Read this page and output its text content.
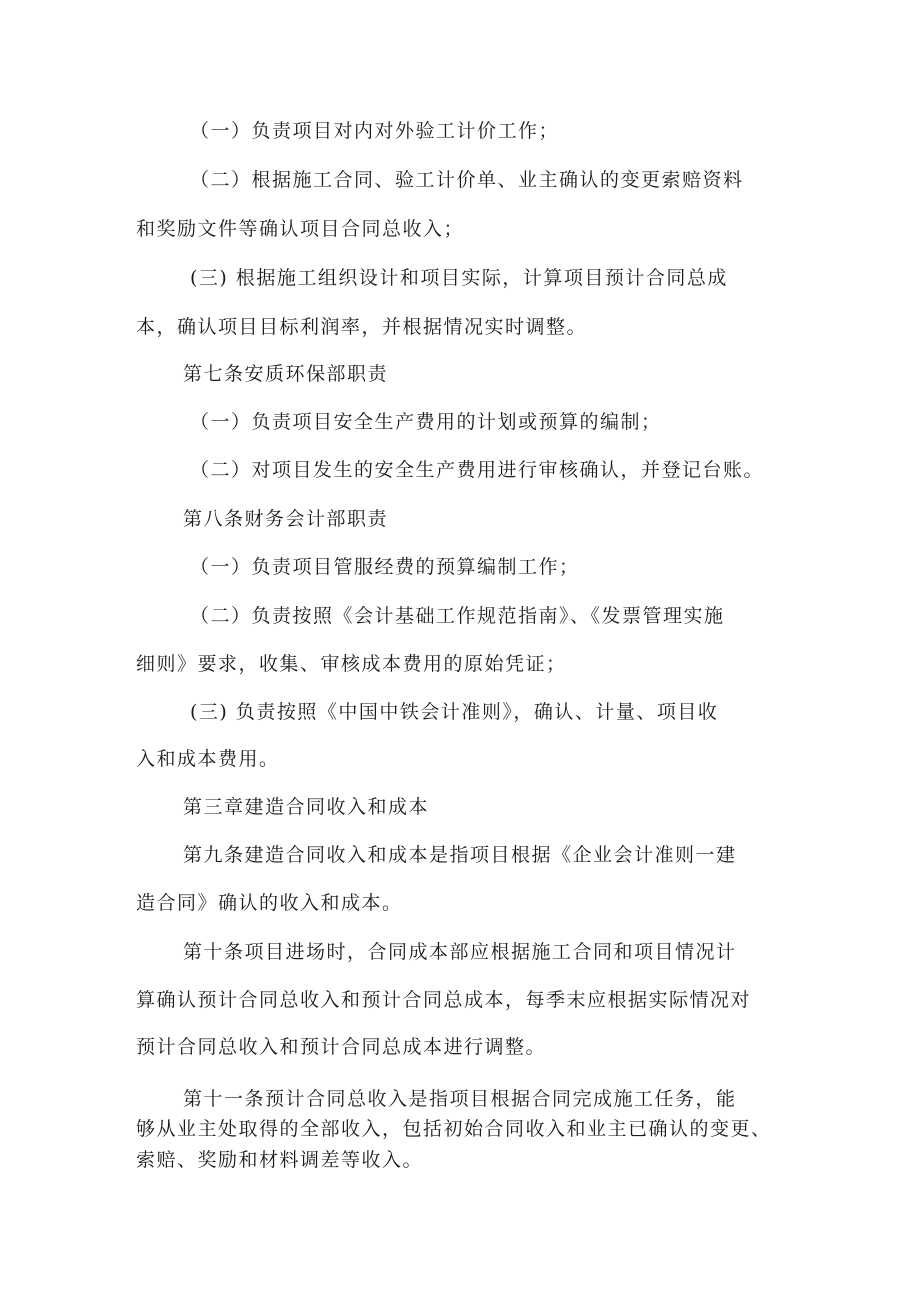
（一）负责项目对内对外验工计价工作；
（二）根据施工合同、验工计价单、业主确认的变更索赔资料
和奖励文件等确认项目合同总收入；
(三) 根据施工组织设计和项目实际，计算项目预计合同总成
本，确认项目目标利润率，并根据情况实时调整。
第七条安质环保部职责
（一）负责项目安全生产费用的计划或预算的编制；
（二）对项目发生的安全生产费用进行审核确认，并登记台账。
第八条财务会计部职责
（一）负责项目管服经费的预算编制工作；
（二）负责按照《会计基础工作规范指南》、《发票管理实施
细则》要求，收集、审核成本费用的原始凭证；
(三) 负责按照《中国中铁会计准则》，确认、计量、项目收
入和成本费用。
第三章建造合同收入和成本
第九条建造合同收入和成本是指项目根据《企业会计准则一建
造合同》确认的收入和成本。
第十条项目进场时，合同成本部应根据施工合同和项目情况计
算确认预计合同总收入和预计合同总成本，每季末应根据实际情况对
预计合同总收入和预计合同总成本进行调整。
第十一条预计合同总收入是指项目根据合同完成施工任务，能
够从业主处取得的全部收入，包括初始合同收入和业主已确认的变更、
索赔、奖励和材料调差等收入。
